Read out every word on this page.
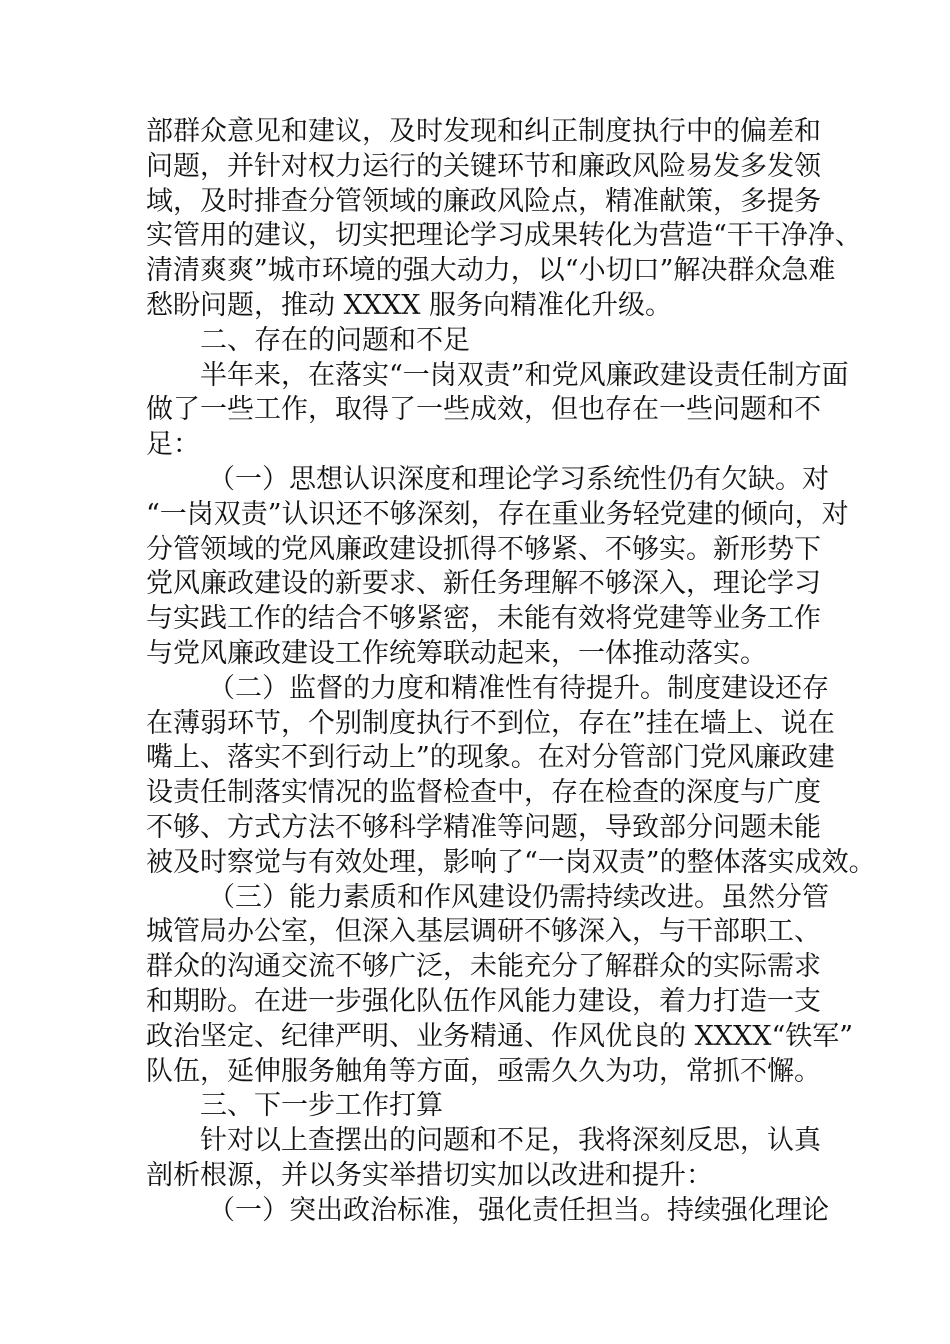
部群众意见和建议，及时发现和纠正制度执行中的偏差和
问题，并针对权力运行的关键环节和廉政风险易发多发领
域，及时排查分管领域的廉政风险点，精准献策，多提务
实管用的建议，切实把理论学习成果转化为营造“干干净净、
清清爽爽”城市环境的强大动力，以“小切口”解决群众急难
愁盼问题，推动 XXXX 服务向精准化升级。
二、存在的问题和不足
半年来，在落实“一岗双责”和党风廉政建设责任制方面
做了一些工作，取得了一些成效，但也存在一些问题和不
足：
（一）思想认识深度和理论学习系统性仍有欠缺。对
“一岗双责”认识还不够深刻，存在重业务轻党建的倾向，对
分管领域的党风廉政建设抓得不够紧、不够实。新形势下
党风廉政建设的新要求、新任务理解不够深入，理论学习
与实践工作的结合不够紧密，未能有效将党建等业务工作
与党风廉政建设工作统筹联动起来，一体推动落实。
（二）监督的力度和精准性有待提升。制度建设还存
在薄弱环节，个别制度执行不到位，存在”挂在墙上、说在
嘴上、落实不到行动上”的现象。在对分管部门党风廉政建
设责任制落实情况的监督检查中，存在检查的深度与广度
不够、方式方法不够科学精准等问题，导致部分问题未能
被及时察觉与有效处理，影响了“一岗双责”的整体落实成效。
（三）能力素质和作风建设仍需持续改进。虽然分管
城管局办公室，但深入基层调研不够深入，与干部职工、
群众的沟通交流不够广泛，未能充分了解群众的实际需求
和期盼。在进一步强化队伍作风能力建设，着力打造一支
政治坚定、纪律严明、业务精通、作风优良的 XXXX“铁军”
队伍，延伸服务触角等方面，亟需久久为功，常抓不懈。
三、下一步工作打算
针对以上查摆出的问题和不足，我将深刻反思，认真
剖析根源，并以务实举措切实加以改进和提升：
（一）突出政治标准，强化责任担当。持续强化理论
